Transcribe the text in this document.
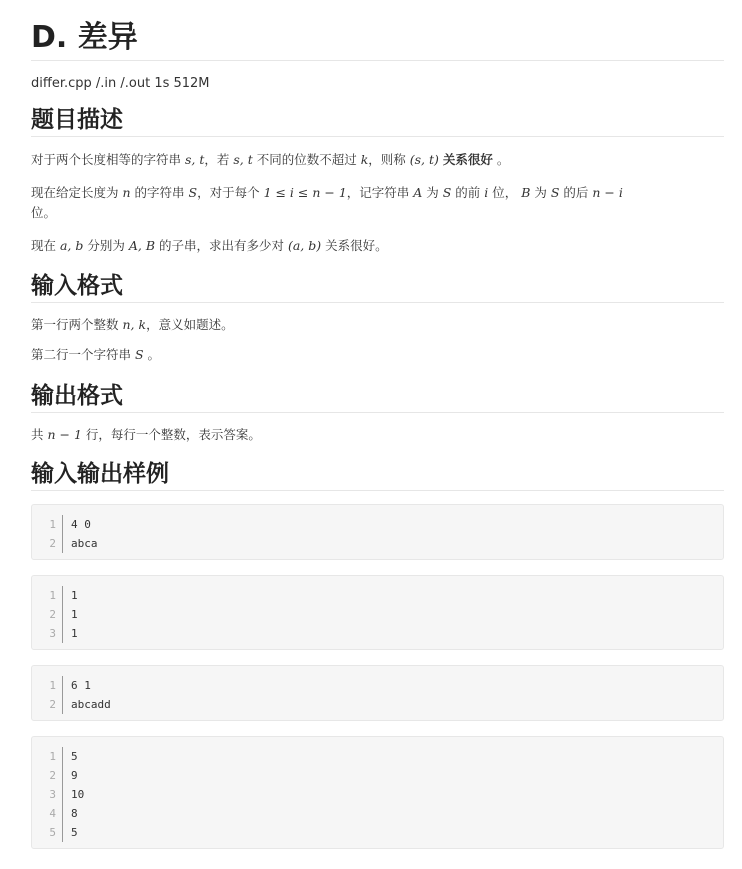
D. 差异
differ.cpp /.in /.out 1s 512M
题目描述

对于两个长度相等的字符串 s, t，若 s, t 不同的位数不超过 k，则称 (s, t) 关系很好 。

现在给定长度为 n 的字符串 S，对于每个 1 ≤ i ≤ n − 1，记字符串 A 为 S 的前 i 位， B 为 S 的后 n − i
位。

现在 a, b 分别为 A, B 的子串，求出有多少对 (a, b) 关系很好。

输入格式

第一行两个整数 n, k，意义如题述。

第二行一个字符串 S 。

输出格式

共 n − 1 行，每行一个整数，表示答案。

输入输出样例
1 4 0
2 abca
1 1
2 1
3 1
1 6 1
2 abcadd
1 5
2 9
3 10
4 8
5 5
